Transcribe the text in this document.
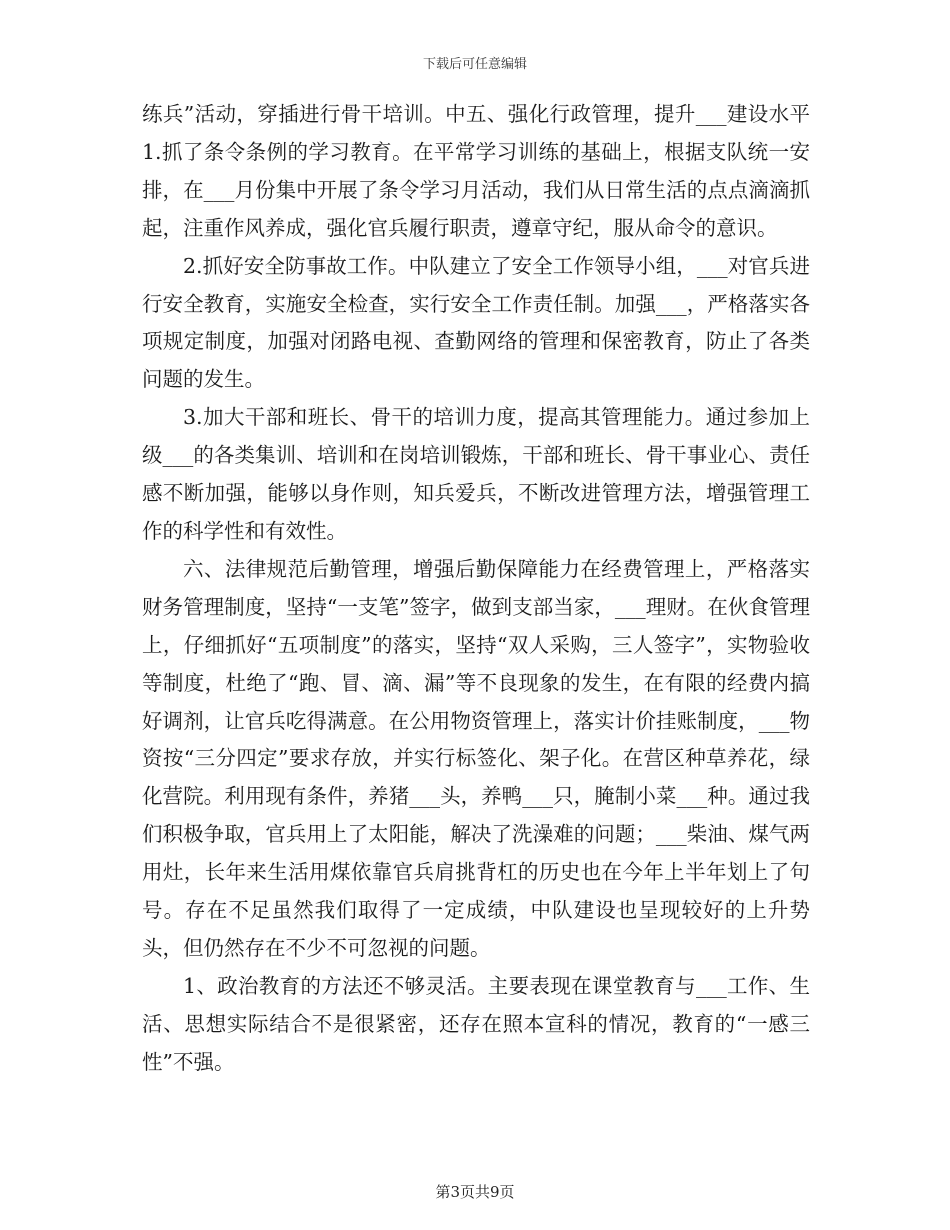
下载后可任意编辑

练兵”活动，穿插进行骨干培训。中五、强化行政管理，提升___建设水平1.抓了条令条例的学习教育。在平常学习训练的基础上，根据支队统一安排，在___月份集中开展了条令学习月活动，我们从日常生活的点点滴滴抓起，注重作风养成，强化官兵履行职责，遵章守纪，服从命令的意识。

2.抓好安全防事故工作。中队建立了安全工作领导小组，___对官兵进行安全教育，实施安全检查，实行安全工作责任制。加强___，严格落实各项规定制度，加强对闭路电视、查勤网络的管理和保密教育，防止了各类问题的发生。

3.加大干部和班长、骨干的培训力度，提高其管理能力。通过参加上级___的各类集训、培训和在岗培训锻炼，干部和班长、骨干事业心、责任感不断加强，能够以身作则，知兵爱兵，不断改进管理方法，增强管理工作的科学性和有效性。

六、法律规范后勤管理，增强后勤保障能力在经费管理上，严格落实财务管理制度，坚持“一支笔”签字，做到支部当家，___理财。在伙食管理上，仔细抓好“五项制度”的落实，坚持“双人采购，三人签字”，实物验收等制度，杜绝了“跑、冒、滴、漏”等不良现象的发生，在有限的经费内搞好调剂，让官兵吃得满意。在公用物资管理上，落实计价挂账制度，___物资按“三分四定”要求存放，并实行标签化、架子化。在营区种草养花，绿化营院。利用现有条件，养猪___头，养鸭___只，腌制小菜___种。通过我们积极争取，官兵用上了太阳能，解决了洗澡难的问题；___柴油、煤气两用灶，长年来生活用煤依靠官兵肩挑背杠的历史也在今年上半年划上了句号。存在不足虽然我们取得了一定成绩，中队建设也呈现较好的上升势头，但仍然存在不少不可忽视的问题。

1、政治教育的方法还不够灵活。主要表现在课堂教育与___工作、生活、思想实际结合不是很紧密，还存在照本宣科的情况，教育的“一感三性”不强。

第3页共9页
